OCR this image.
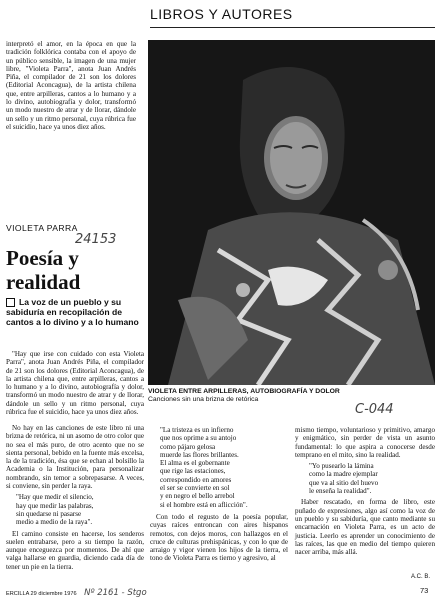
LIBROS Y AUTORES
interpretó el amor, en la época en que la tradición folklórica contaba con el apoyo de un público sensible, la imagen de una mujer libre, "Violeta Parra", anota Juan Andrés Piña, el compilador de 21 son los dolores (Editorial Aconcagua), de la artista chilena que, entre arpilleras, cantos a lo humano y a lo divino, autobiografía y dolor, transformó un modo nuestro de atrar y de llorar, dándole un sello y un ritmo personal, cuya rúbrica fue el suicidio, hace ya unos diez años.
VIOLETA ENTRE ARPILLERAS, AUTOBIOGRAFÍA Y DOLOR
Canciones sin una brizna de retórica
VIOLETA PARRA
24153
Poesía y realidad
La voz de un pueblo y su sabiduría en recopilación de cantos a lo divino y a lo humano

"Hay que irse con cuidado con esta Violeta Parra", anota Juan Andrés Piña, el compilador de 21 son los dolores (Editorial Aconcagua), de la artista chilena que, entre arpilleras, cantos a lo humano y a lo divino, autobiografía y dolor, transformó un modo nuestro de atrar y de llorar, dándole un sello y un ritmo personal, cuya rúbrica fue el suicidio, hace ya unos diez años.

No hay en las canciones de este libro ni una brizna de retórica, ni un asomo de otro color que no sea el más puro, de otro acento que no se sienta personal, bebido en la fuente más excelsa, la de la tradición, ésa que se echan al bolsillo la Academia o la Institución, para personalizar nombrando, sin temor a sobrepasarse. A veces, si conviene, sin perder la raya.

"Hay que medir el silencio,

hay que medir las palabras,

sin quedarse ni pasarse

medio a medio de la raya".

El camino consiste en hacerse, los senderos suelen entrabarse, pero a su tiempo la razón, aunque enceguezca por momentos. De ahí que valga hallarse en guardia, diciendo cada día de tener un pie en la tierra.

"La tristeza es un infierno

que nos oprime a su antojo

como pájaro gelosa

muerde las flores brillantes.

El alma es el gobernante

que rige las estaciones,

correspondido en amores

el ser se convierte en sol

y en negro el bello arrebol

si el hombre está en aflicción".

Con todo el regusto de la poesía popular, cuyas raíces entroncan con aires hispanos remotos, con dejos moros, con hallazgos en el cruce de culturas prehispánicas, y con lo que de arraigo y vigor vienen los hijos de la tierra, el tono de Violeta Parra es tierno y agresivo, al

C-044

mismo tiempo, voluntarioso y primitivo, amargo y enigmático, sin perder de vista un asunto fundamental: lo que aspira a conocerse desde temprano en el mito, sino la realidad.

"Yo pusearlo la lámina

como la madre ejemplar

que va al sitio del huevo

le enseña la realidad".

Haber rescatado, en forma de libro, este puñado de expresiones, algo así como la voz de un pueblo y su sabiduría, que canto mediante su encarnación en Violeta Parra, es un acto de justicia. Leerlo es aprender un conocimiento de las raíces, las que en medio del tiempo quieren nacer arriba, más allá.

A.C. B.
ERCILLA 29 diciembre 1976 Nº 2161 - Stgo	73
